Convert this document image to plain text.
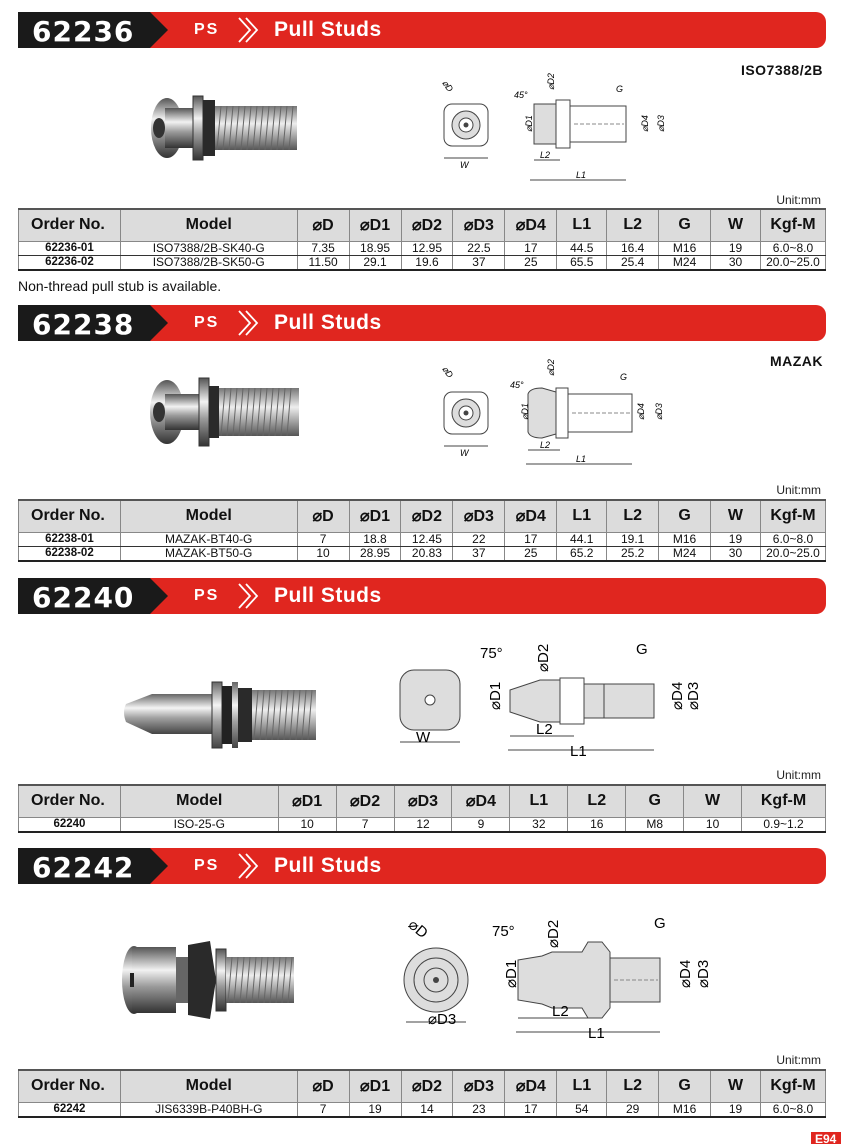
62236	PS	Pull Studs
ISO7388/2B
⌀D
W
45°
⌀D2	G
⌀D1	⌀D4 ⌀D3
L2
L1
Unit:mm
Order No.	Model	⌀D	⌀D1	⌀D2	⌀D3	⌀D4	L1	L2	G	W	Kgf-M
62236-01	ISO7388/2B-SK40-G	7.35	18.95	12.95	22.5	17	44.5	16.4	M16	19	6.0~8.0
62236-02	ISO7388/2B-SK50-G	11.50	29.1	19.6	37	25	65.5	25.4	M24	30	20.0~25.0
Non-thread pull stub is available.
62238	PS	Pull Studs
MAZAK
⌀D
W
45°
⌀D2
G
⌀D1	⌀D4 ⌀D3
L2
L1
Unit:mm
Order No.	Model	⌀D	⌀D1	⌀D2	⌀D3	⌀D4	L1	L2	G	W	Kgf-M
62238-01	MAZAK-BT40-G	7	18.8	12.45	22	17	44.1	19.1	M16	19	6.0~8.0
62238-02	MAZAK-BT50-G	10	28.95	20.83	37	25	65.2	25.2	M24	30	20.0~25.0
62240	PS	Pull Studs
W
75° ⌀D2	G
⌀D1	⌀D4 ⌀D3
L2
L1
Unit:mm
Order No.	Model	⌀D1	⌀D2	⌀D3	⌀D4	L1	L2	G	W	Kgf-M
62240	ISO-25-G	10	7	12	9	32	16	M8	10	0.9~1.2
62242	PS	Pull Studs
⌀D
⌀D3
75° ⌀D2	G
⌀D1	⌀D4 ⌀D3
L2
L1
Unit:mm
Order No.	Model	⌀D	⌀D1	⌀D2	⌀D3	⌀D4	L1	L2	G	W	Kgf-M
62242	JIS6339B-P40BH-G	7	19	14	23	17	54	29	M16	19	6.0~8.0
E94
